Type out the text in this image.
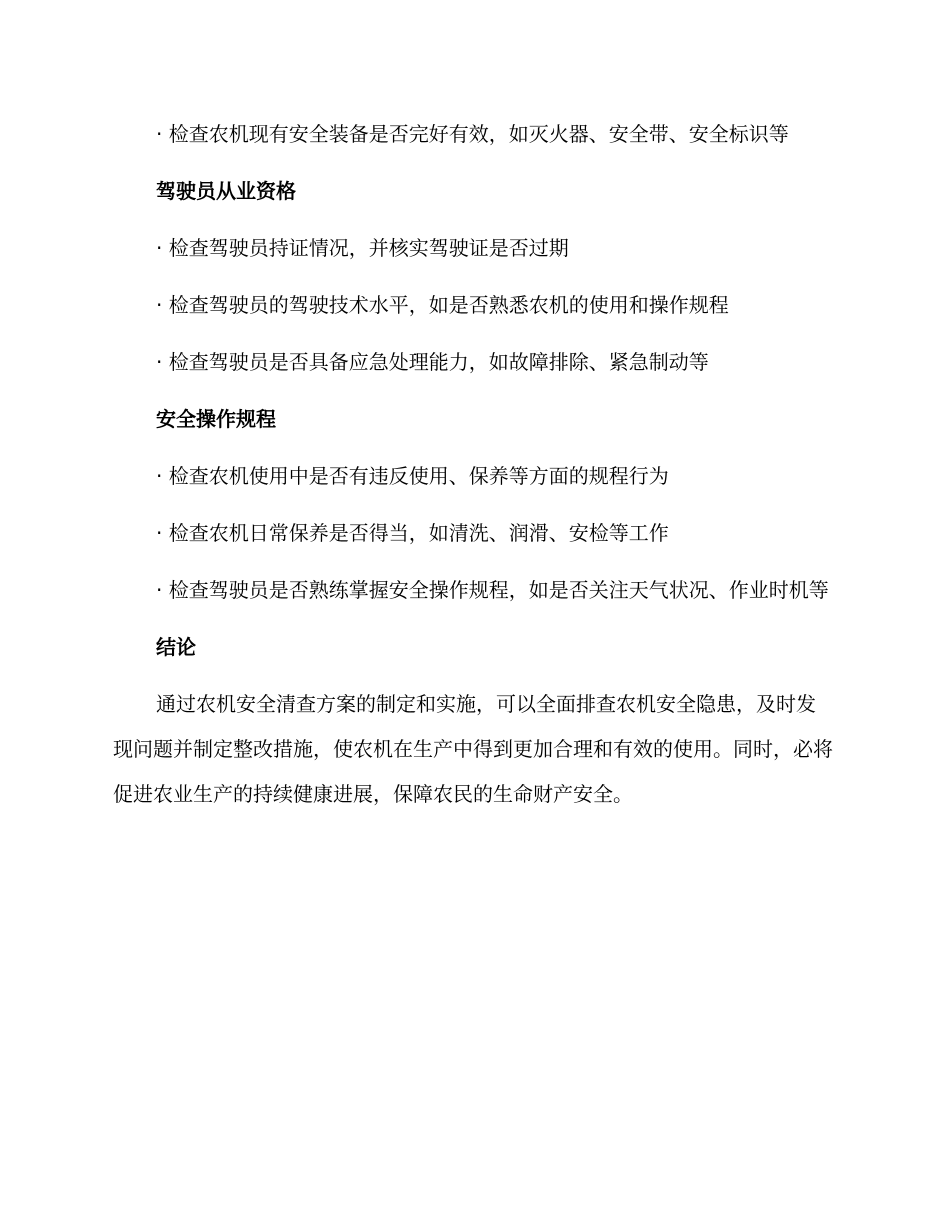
· 检查农机现有安全装备是否完好有效，如灭火器、安全带、安全标识等

驾驶员从业资格

· 检查驾驶员持证情况，并核实驾驶证是否过期

· 检查驾驶员的驾驶技术水平，如是否熟悉农机的使用和操作规程

· 检查驾驶员是否具备应急处理能力，如故障排除、紧急制动等

安全操作规程

· 检查农机使用中是否有违反使用、保养等方面的规程行为

· 检查农机日常保养是否得当，如清洗、润滑、安检等工作

· 检查驾驶员是否熟练掌握安全操作规程，如是否关注天气状况、作业时机等

结论

通过农机安全清查方案的制定和实施，可以全面排查农机安全隐患，及时发现问题并制定整改措施，使农机在生产中得到更加合理和有效的使用。同时，必将促进农业生产的持续健康进展，保障农民的生命财产安全。
